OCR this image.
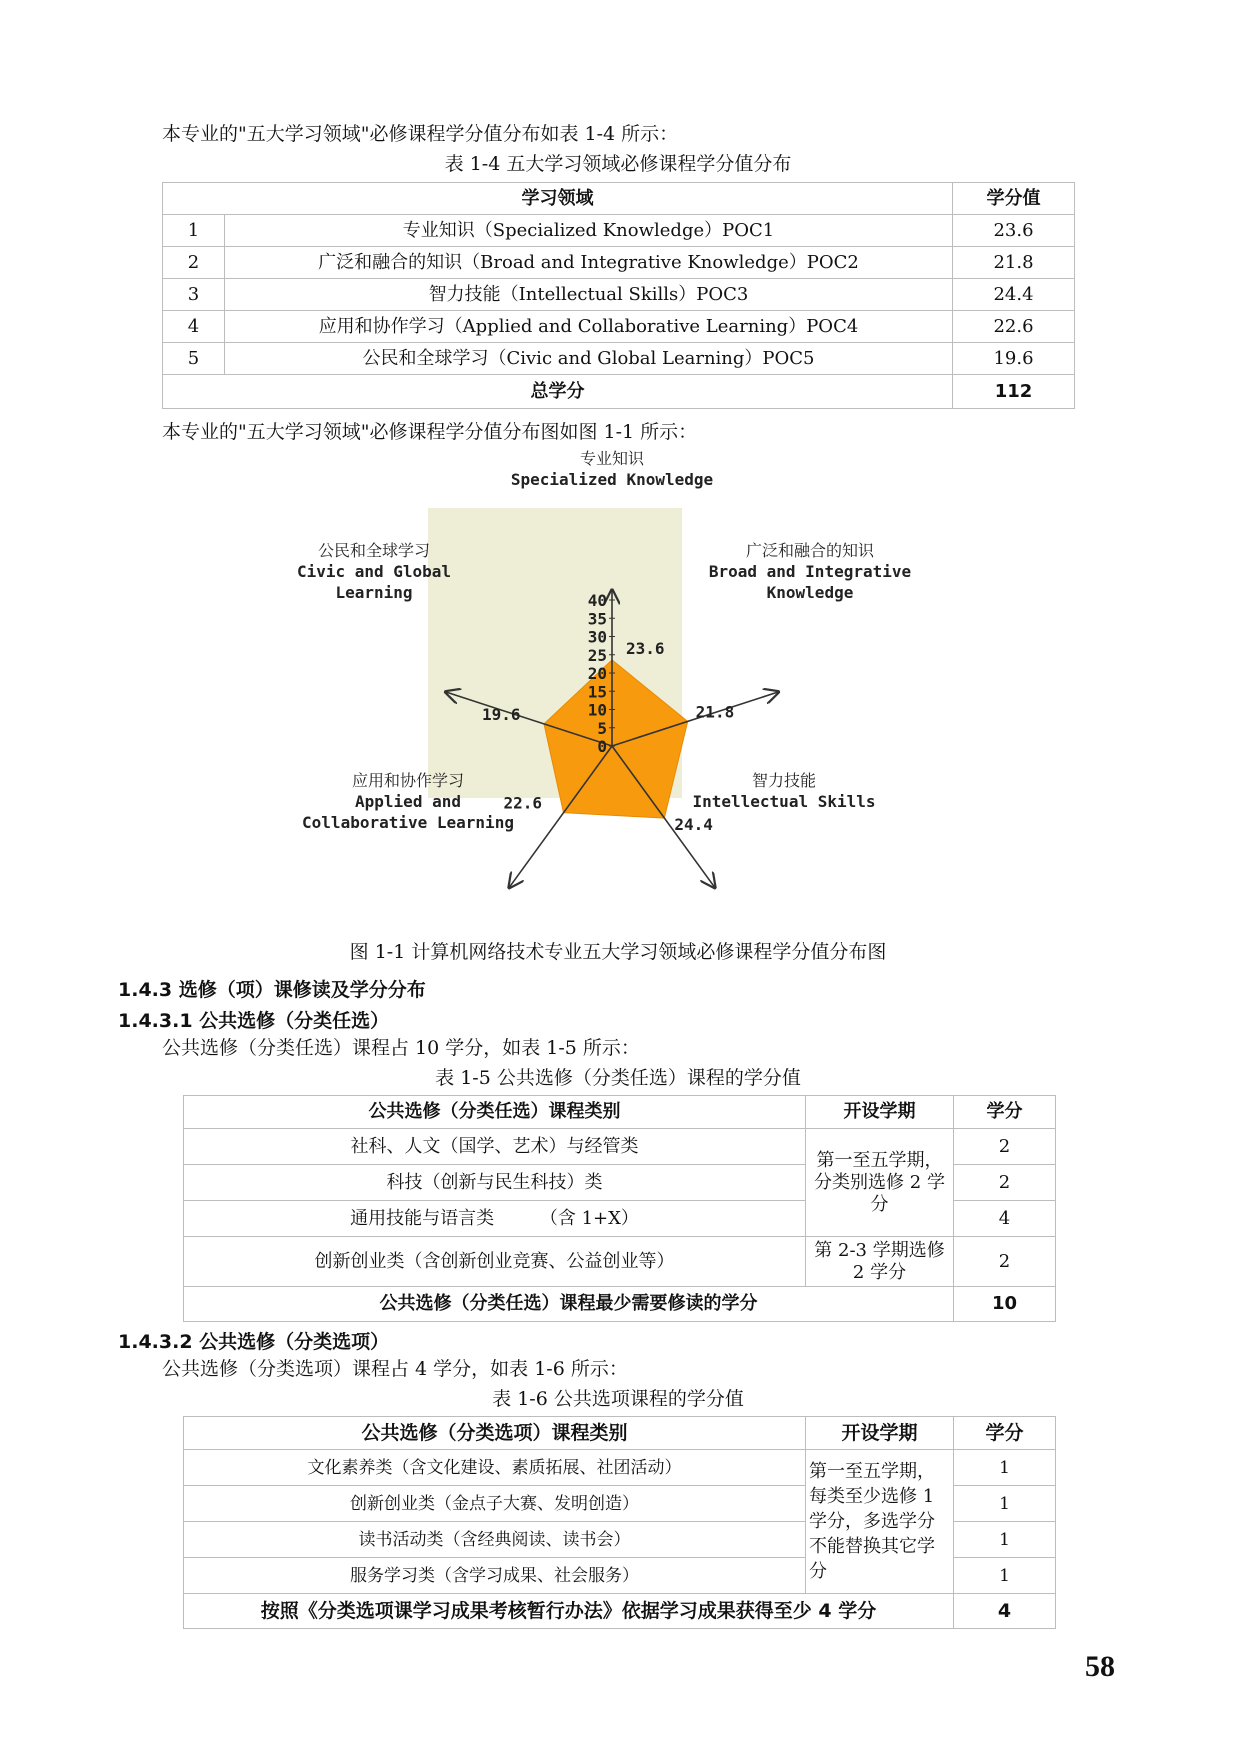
本专业的"五大学习领域"必修课程学分值分布如表 1-4 所示：
表 1-4 五大学习领域必修课程学分值分布
学习领域		学分值
1	专业知识（Specialized Knowledge）POC1	23.6
2	广泛和融合的知识（Broad and Integrative Knowledge）POC2	21.8
3	智力技能（Intellectual Skills）POC3	24.4
4	应用和协作学习（Applied and Collaborative Learning）POC4	22.6
5	公民和全球学习（Civic and Global Learning）POC5	19.6
总学分		112
本专业的"五大学习领域"必修课程学分值分布图如图 1-1 所示：
40
35
30
25
20
15
10
5
0
23.6
21.8
24.4
22.6
19.6
专业知识
Specialized Knowledge
广泛和融合的知识
Broad and Integrative
Knowledge
智力技能
Intellectual Skills
应用和协作学习
Applied and
Collaborative Learning
公民和全球学习
Civic and Global
Learning
图 1-1 计算机网络技术专业五大学习领域必修课程学分值分布图
1.4.3 选修（项）课修读及学分分布
1.4.3.1 公共选修（分类任选）
公共选修（分类任选）课程占 10 学分，如表 1-5 所示：
表 1-5 公共选修（分类任选）课程的学分值
公共选修（分类任选）课程类别	开设学期	学分
社科、人文（国学、艺术）与经管类	第一至五学期，分类别选修 2 学分	2
科技（创新与民生科技）类		2
通用技能与语言类        （含 1+X）		4
创新创业类（含创新创业竞赛、公益创业等）	第 2-3 学期选修 2 学分	2
公共选修（分类任选）课程最少需要修读的学分		10
1.4.3.2 公共选修（分类选项）
公共选修（分类选项）课程占 4 学分，如表 1-6 所示：
表 1-6 公共选项课程的学分值
公共选修（分类选项）课程类别	开设学期	学分
文化素养类（含文化建设、素质拓展、社团活动）	第一至五学期，每类至少选修 1 学分，多选学分不能替换其它学分	1
创新创业类（金点子大赛、发明创造）		1
读书活动类（含经典阅读、读书会）		1
服务学习类（含学习成果、社会服务）		1
按照《分类选项课学习成果考核暂行办法》依据学习成果获得至少 4 学分		4
58
